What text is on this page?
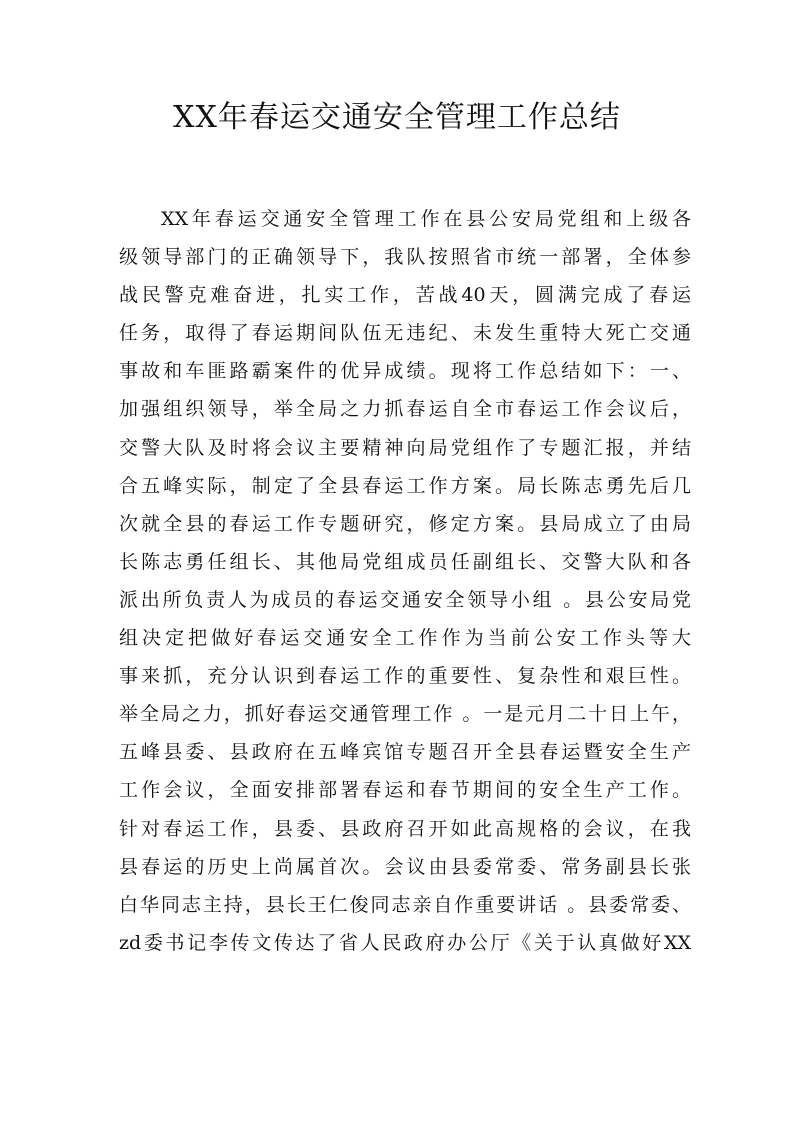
XX年春运交通安全管理工作总结
XX年春运交通安全管理工作在县公安局党组和上级各
级领导部门的正确领导下，我队按照省市统一部署，全体参
战民警克难奋进，扎实工作，苦战40天，圆满完成了春运
任务，取得了春运期间队伍无违纪、未发生重特大死亡交通
事故和车匪路霸案件的优异成绩。现将工作总结如下：一、
加强组织领导，举全局之力抓春运自全市春运工作会议后，
交警大队及时将会议主要精神向局党组作了专题汇报，并结
合五峰实际，制定了全县春运工作方案。局长陈志勇先后几
次就全县的春运工作专题研究，修定方案。县局成立了由局
长陈志勇任组长、其他局党组成员任副组长、交警大队和各
派出所负责人为成员的春运交通安全领导小组 。县公安局党
组决定把做好春运交通安全工作作为当前公安工作头等大
事来抓，充分认识到春运工作的重要性、复杂性和艰巨性。
举全局之力，抓好春运交通管理工作 。一是元月二十日上午，
五峰县委、县政府在五峰宾馆专题召开全县春运暨安全生产
工作会议，全面安排部署春运和春节期间的安全生产工作。
针对春运工作，县委、县政府召开如此高规格的会议，在我
县春运的历史上尚属首次。会议由县委常委、常务副县长张
白华同志主持，县长王仁俊同志亲自作重要讲话 。县委常委、
zd委书记李传文传达了省人民政府办公厅《关于认真做好XX
